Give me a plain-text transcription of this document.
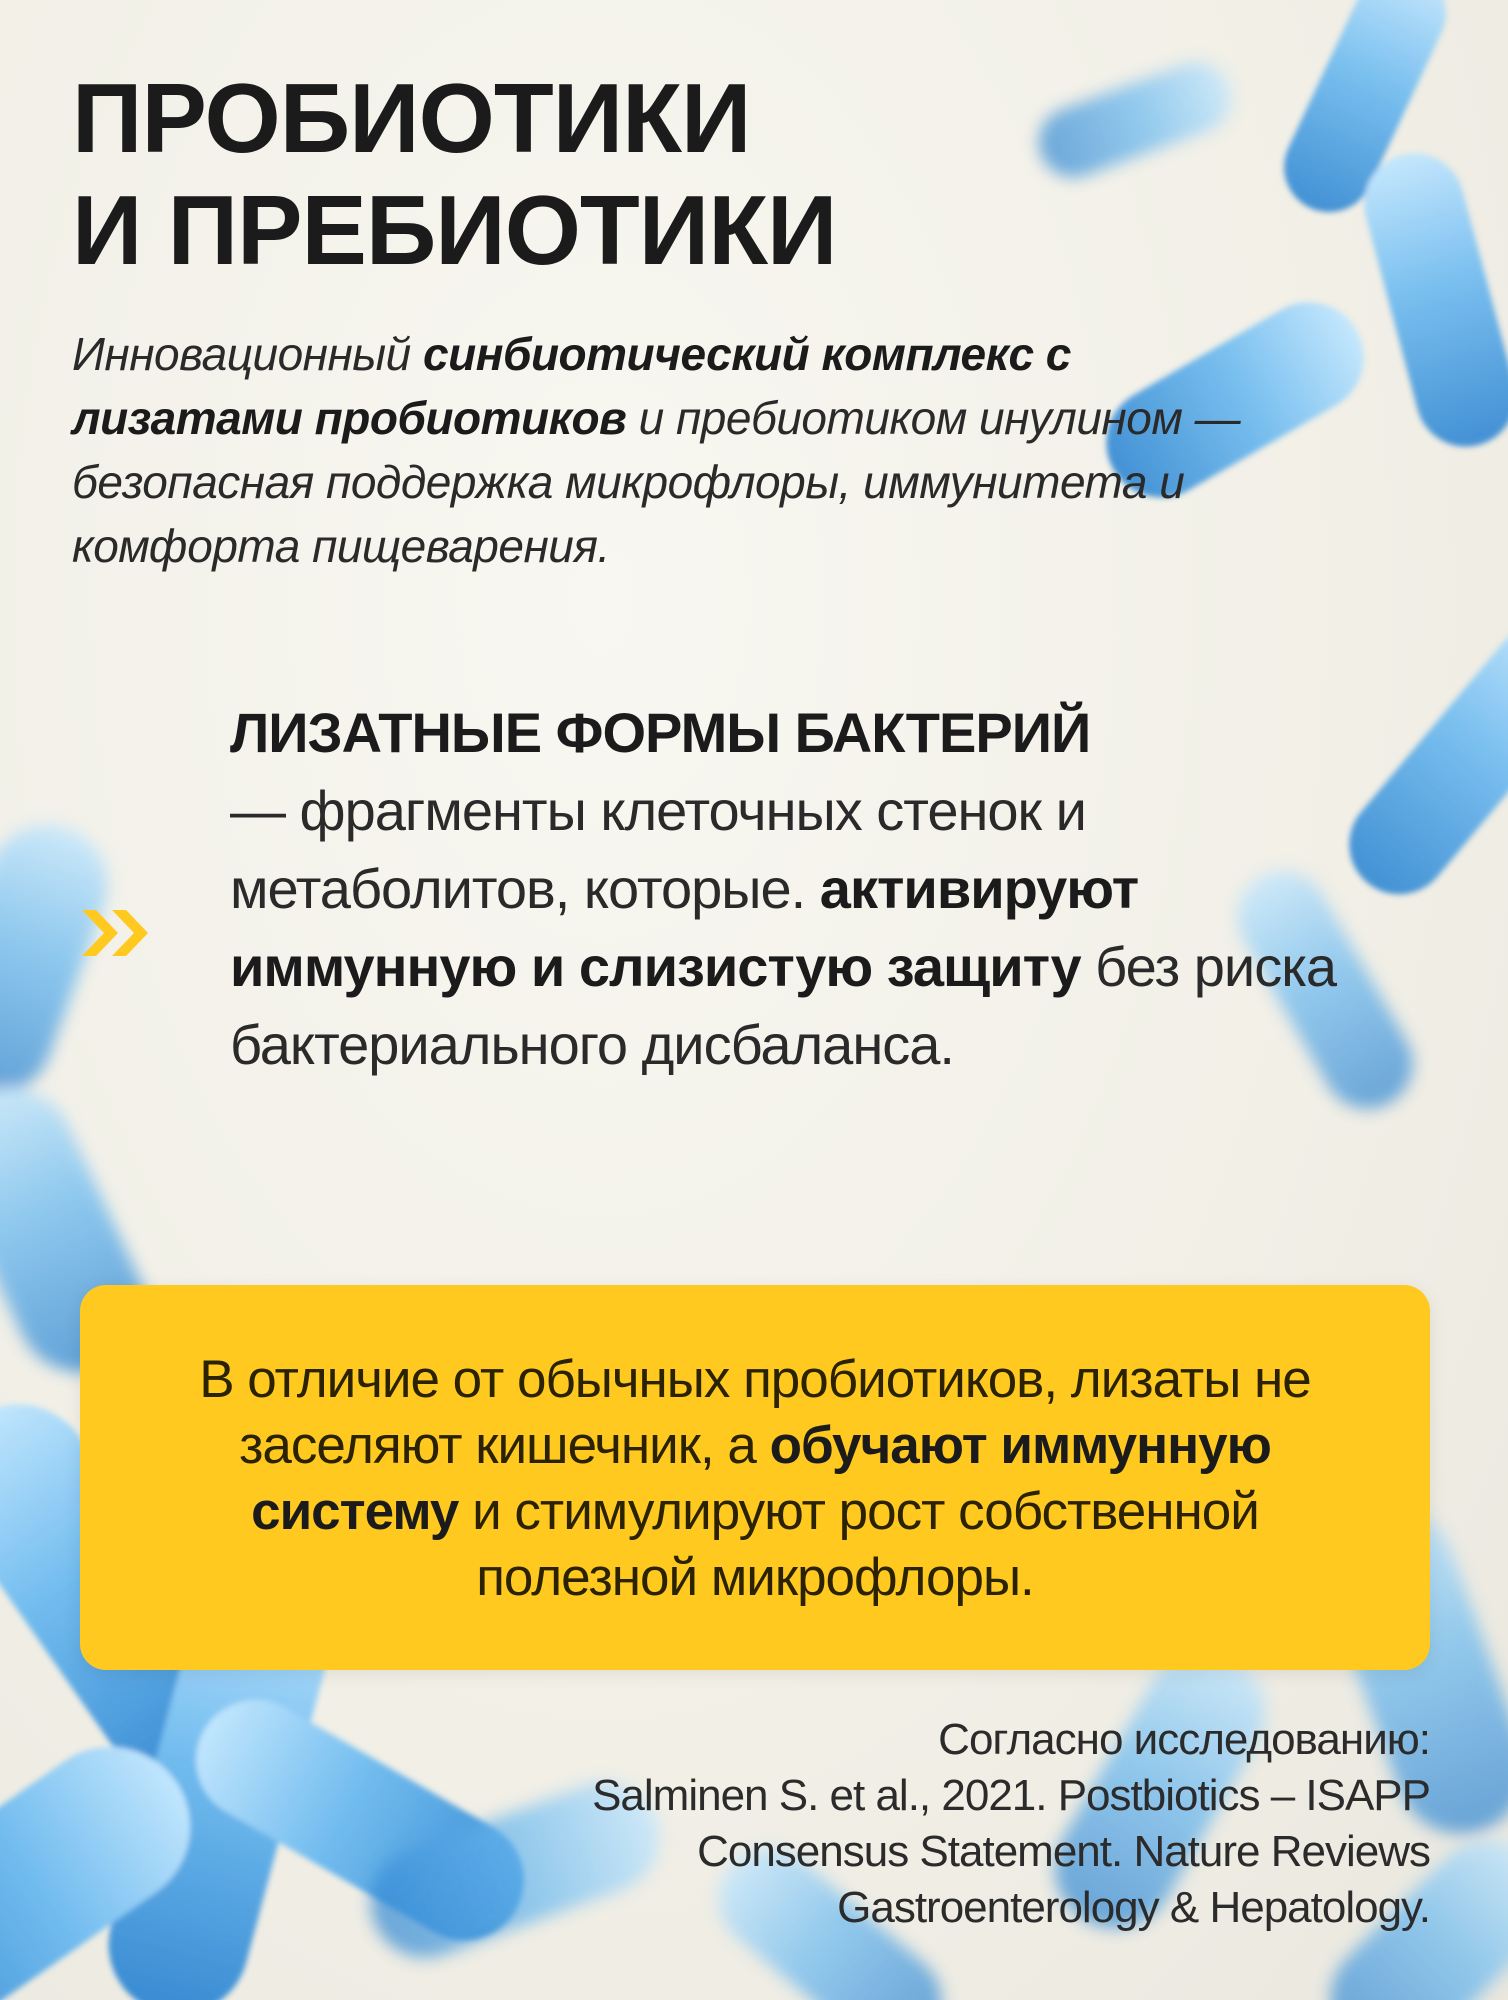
ПРОБИОТИКИ
И ПРЕБИОТИКИ

Инновационный синбиотический комплекс с лизатами пробиотиков и пребиотиком инулином — безопасная поддержка микрофлоры, иммунитета и комфорта пищеварения.

ЛИЗАТНЫЕ ФОРМЫ БАКТЕРИЙ
— фрагменты клеточных стенок и метаболитов, которые. активируют иммунную и слизистую защиту без риска бактериального дисбаланса.

В отличие от обычных пробиотиков, лизаты не заселяют кишечник, а обучают иммунную систему и стимулируют рост собственной полезной микрофлоры.

Согласно исследованию:
Salminen S. et al., 2021. Postbiotics – ISAPP
Consensus Statement. Nature Reviews
Gastroenterology & Hepatology.
